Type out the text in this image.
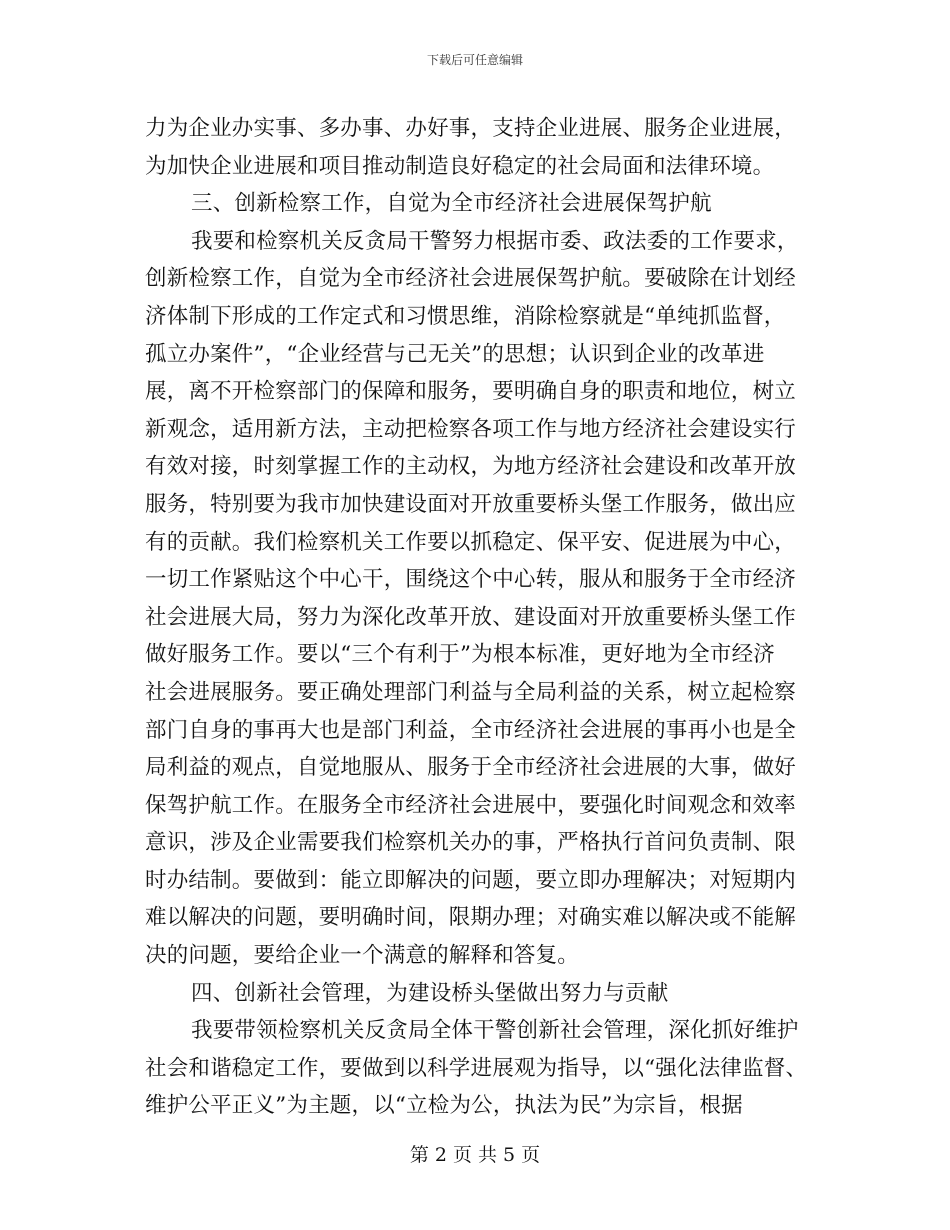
下载后可任意编辑
力为企业办实事、多办事、办好事，支持企业进展、服务企业进展，
为加快企业进展和项目推动制造良好稳定的社会局面和法律环境。
三、创新检察工作，自觉为全市经济社会进展保驾护航
我要和检察机关反贪局干警努力根据市委、政法委的工作要求，
创新检察工作，自觉为全市经济社会进展保驾护航。要破除在计划经
济体制下形成的工作定式和习惯思维，消除检察就是“单纯抓监督，
孤立办案件”，“企业经营与己无关”的思想；认识到企业的改革进
展，离不开检察部门的保障和服务，要明确自身的职责和地位，树立
新观念，适用新方法，主动把检察各项工作与地方经济社会建设实行
有效对接，时刻掌握工作的主动权，为地方经济社会建设和改革开放
服务，特别要为我市加快建设面对开放重要桥头堡工作服务，做出应
有的贡献。我们检察机关工作要以抓稳定、保平安、促进展为中心，
一切工作紧贴这个中心干，围绕这个中心转，服从和服务于全市经济
社会进展大局，努力为深化改革开放、建设面对开放重要桥头堡工作
做好服务工作。要以“三个有利于”为根本标准，更好地为全市经济
社会进展服务。要正确处理部门利益与全局利益的关系，树立起检察
部门自身的事再大也是部门利益，全市经济社会进展的事再小也是全
局利益的观点，自觉地服从、服务于全市经济社会进展的大事，做好
保驾护航工作。在服务全市经济社会进展中，要强化时间观念和效率
意识，涉及企业需要我们检察机关办的事，严格执行首问负责制、限
时办结制。要做到：能立即解决的问题，要立即办理解决；对短期内
难以解决的问题，要明确时间，限期办理；对确实难以解决或不能解
决的问题，要给企业一个满意的解释和答复。
四、创新社会管理，为建设桥头堡做出努力与贡献
我要带领检察机关反贪局全体干警创新社会管理，深化抓好维护
社会和谐稳定工作，要做到以科学进展观为指导，以“强化法律监督、
维护公平正义”为主题，以“立检为公，执法为民”为宗旨，根据
第 2 页 共 5 页
